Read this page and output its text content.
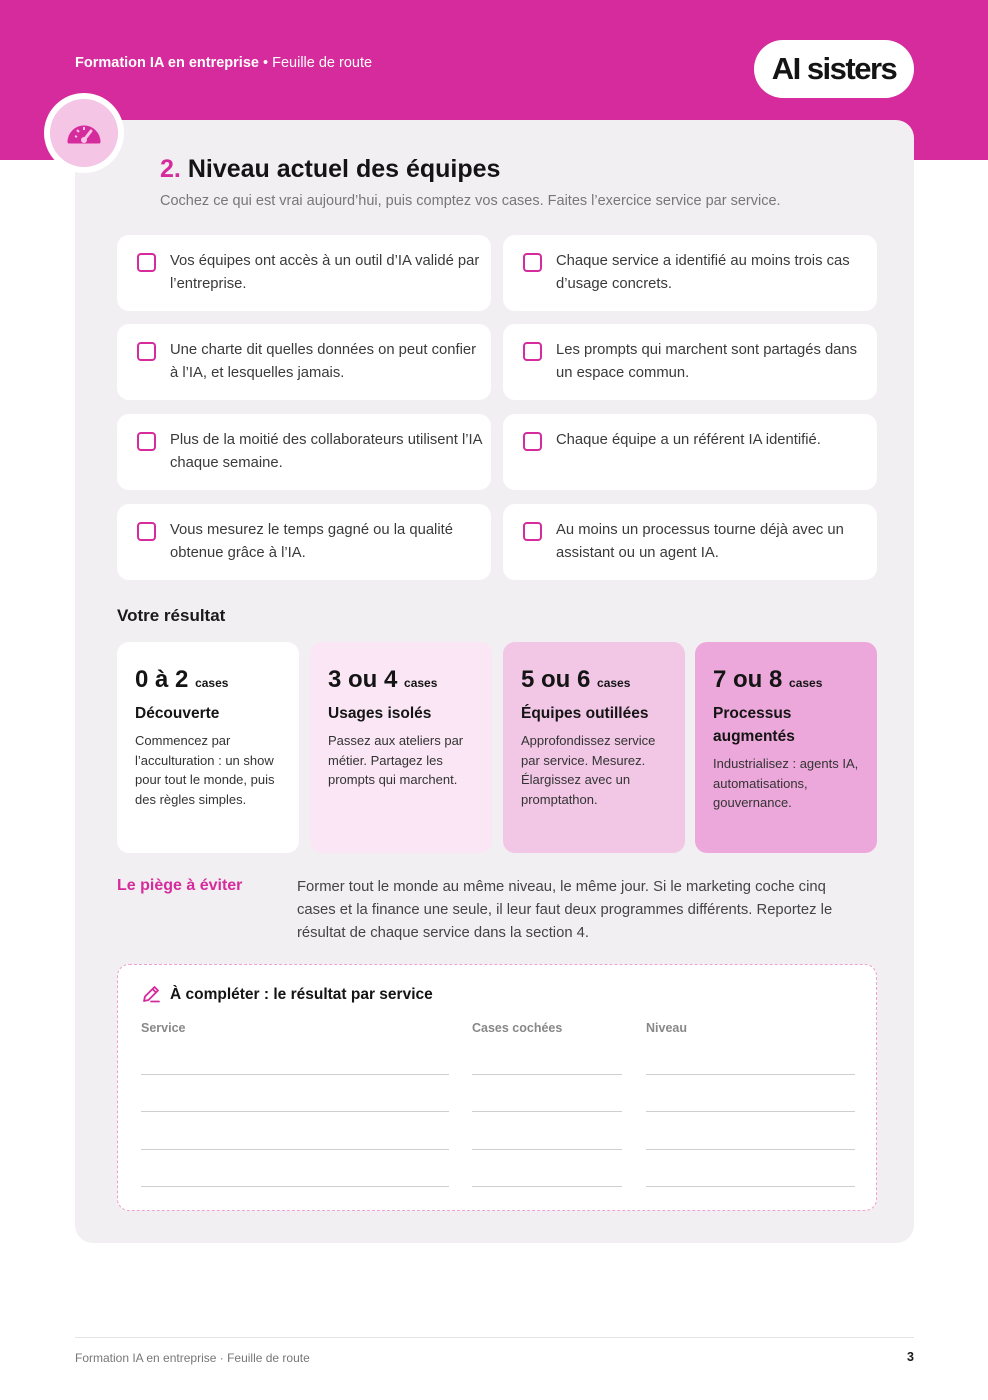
Formation IA en entreprise • Feuille de route	AI sisters
2. Niveau actuel des équipes
Cochez ce qui est vrai aujourd’hui, puis comptez vos cases. Faites l’exercice service par service.
Vos équipes ont accès à un outil d’IA validé par l’entreprise.
Chaque service a identifié au moins trois cas d’usage concrets.
Une charte dit quelles données on peut confier à l’IA, et lesquelles jamais.
Les prompts qui marchent sont partagés dans un espace commun.
Plus de la moitié des collaborateurs utilisent l’IA chaque semaine.
Chaque équipe a un référent IA identifié.
Vous mesurez le temps gagné ou la qualité obtenue grâce à l’IA.
Au moins un processus tourne déjà avec un assistant ou un agent IA.
Votre résultat
0 à 2 cases
Découverte
Commencez par l’acculturation : un show pour tout le monde, puis des règles simples.
3 ou 4 cases
Usages isolés
Passez aux ateliers par métier. Partagez les prompts qui marchent.
5 ou 6 cases
Équipes outillées
Approfondissez service par service. Mesurez. Élargissez avec un promptathon.
7 ou 8 cases
Processus augmentés
Industrialisez : agents IA, automatisations, gouvernance.
Le piège à éviter	Former tout le monde au même niveau, le même jour. Si le marketing coche cinq cases et la finance une seule, il leur faut deux programmes différents. Reportez le résultat de chaque service dans la section 4.
À compléter : le résultat par service
Service	Cases cochées	Niveau
Formation IA en entreprise · Feuille de route	3
